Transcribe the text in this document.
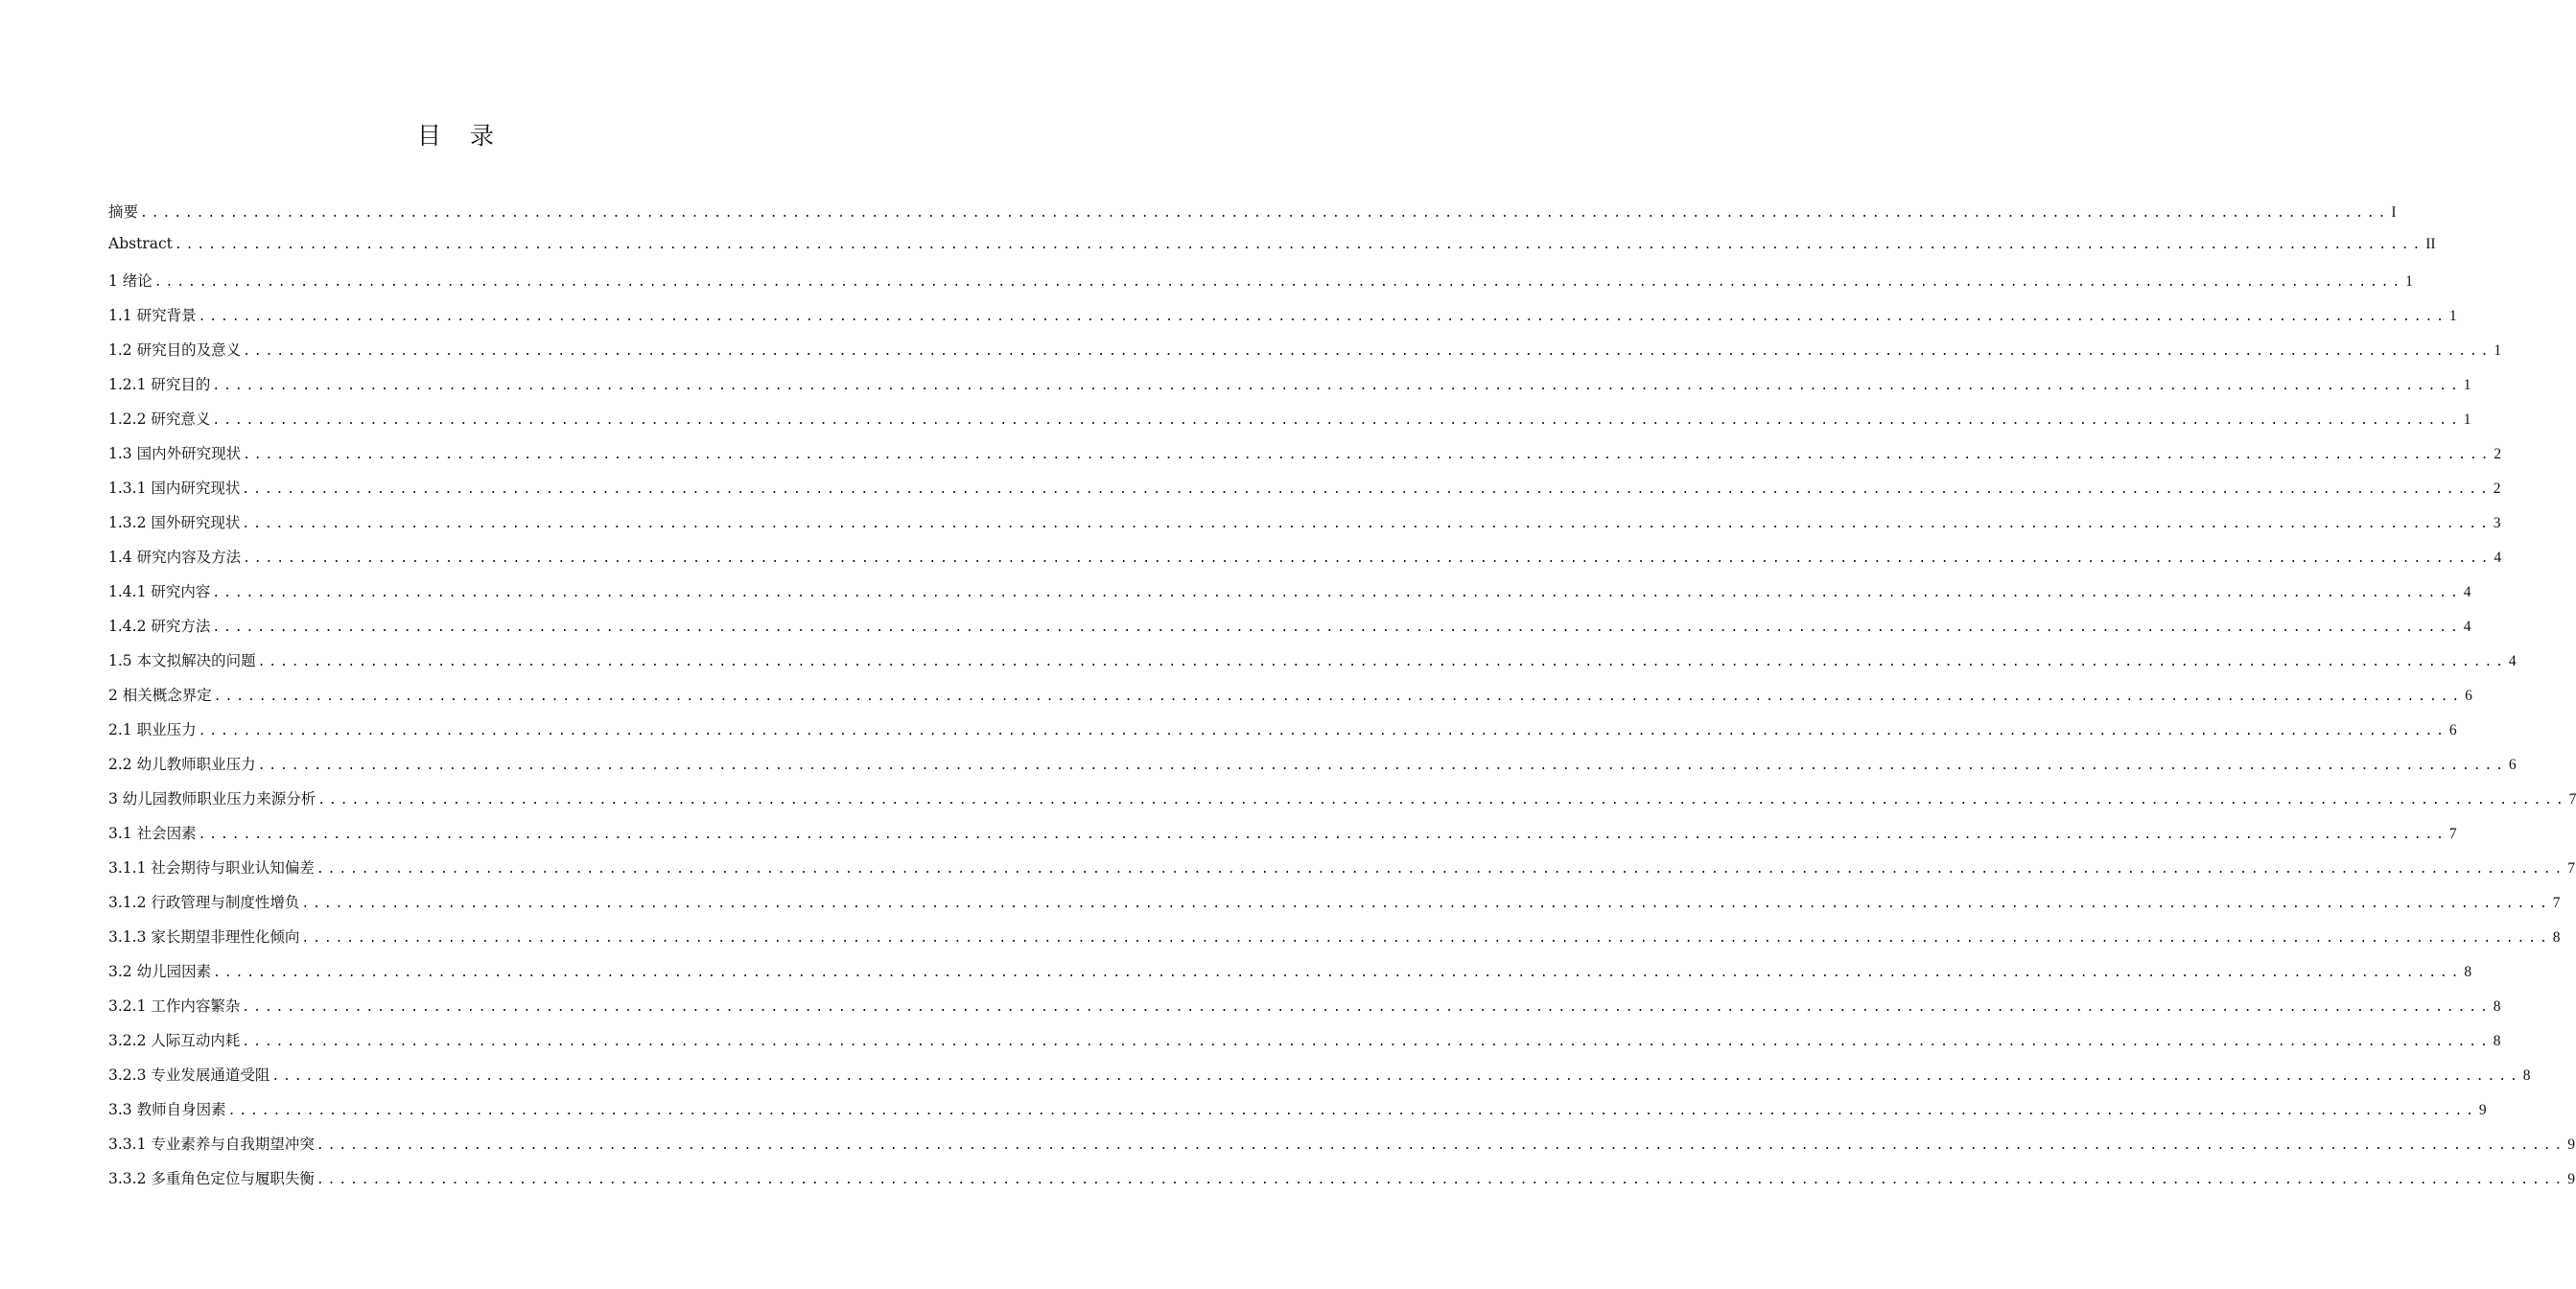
目录
摘要 ........................................................................................................................................................................................................ I
Abstract ........................................................................................................................................................................................................ II
1 绪论 ........................................................................................................................................................................................................ 1
1.1 研究背景 ........................................................................................................................................................................................................ 1
1.2 研究目的及意义 ........................................................................................................................................................................................................ 1
1.2.1 研究目的 ........................................................................................................................................................................................................ 1
1.2.2 研究意义 ........................................................................................................................................................................................................ 1
1.3 国内外研究现状 ........................................................................................................................................................................................................ 2
1.3.1 国内研究现状 ........................................................................................................................................................................................................ 2
1.3.2 国外研究现状 ........................................................................................................................................................................................................ 3
1.4 研究内容及方法 ........................................................................................................................................................................................................ 4
1.4.1 研究内容 ........................................................................................................................................................................................................ 4
1.4.2 研究方法 ........................................................................................................................................................................................................ 4
1.5 本文拟解决的问题 ........................................................................................................................................................................................................ 4
2 相关概念界定 ........................................................................................................................................................................................................ 6
2.1 职业压力 ........................................................................................................................................................................................................ 6
2.2 幼儿教师职业压力 ........................................................................................................................................................................................................ 6
3 幼儿园教师职业压力来源分析 ........................................................................................................................................................................................................ 7
3.1 社会因素 ........................................................................................................................................................................................................ 7
3.1.1 社会期待与职业认知偏差 ........................................................................................................................................................................................................ 7
3.1.2 行政管理与制度性增负 ........................................................................................................................................................................................................ 7
3.1.3 家长期望非理性化倾向 ........................................................................................................................................................................................................ 8
3.2 幼儿园因素 ........................................................................................................................................................................................................ 8
3.2.1 工作内容繁杂 ........................................................................................................................................................................................................ 8
3.2.2 人际互动内耗 ........................................................................................................................................................................................................ 8
3.2.3 专业发展通道受阻 ........................................................................................................................................................................................................ 8
3.3 教师自身因素 ........................................................................................................................................................................................................ 9
3.3.1 专业素养与自我期望冲突 ........................................................................................................................................................................................................ 9
3.3.2 多重角色定位与履职失衡 ........................................................................................................................................................................................................ 9
